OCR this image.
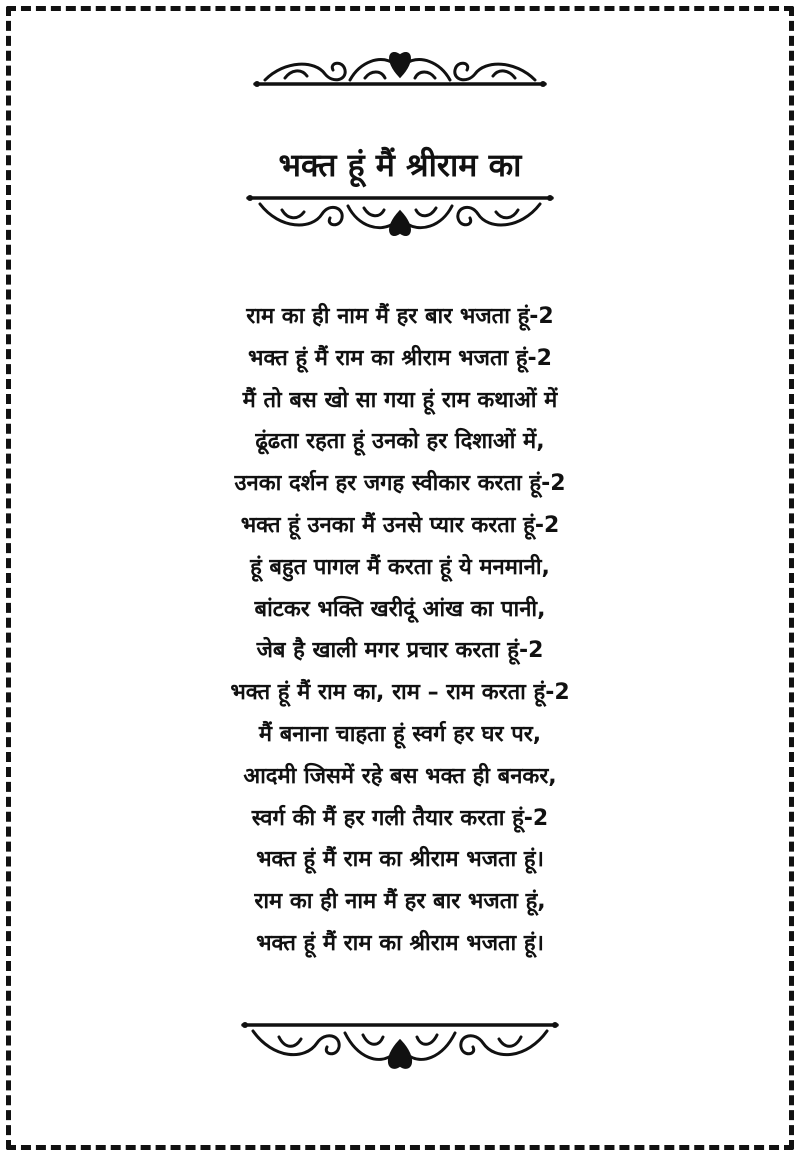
भक्त हूं मैं श्रीराम का
राम का ही नाम मैं हर बार भजता हूं-2
भक्त हूं मैं राम का श्रीराम भजता हूं-2
मैं तो बस खो सा गया हूं राम कथाओं में
ढूंढता रहता हूं उनको हर दिशाओं में,
उनका दर्शन हर जगह स्वीकार करता हूं-2
भक्त हूं उनका मैं उनसे प्यार करता हूं-2
हूं बहुत पागल मैं करता हूं ये मनमानी,
बांटकर भक्ति खरीदूं आंख का पानी,
जेब है खाली मगर प्रचार करता हूं-2
भक्त हूं मैं राम का, राम – राम करता हूं-2
मैं बनाना चाहता हूं स्वर्ग हर घर पर,
आदमी जिसमें रहे बस भक्त ही बनकर,
स्वर्ग की मैं हर गली तैयार करता हूं-2
भक्त हूं मैं राम का श्रीराम भजता हूं।
राम का ही नाम मैं हर बार भजता हूं,
भक्त हूं मैं राम का श्रीराम भजता हूं।
